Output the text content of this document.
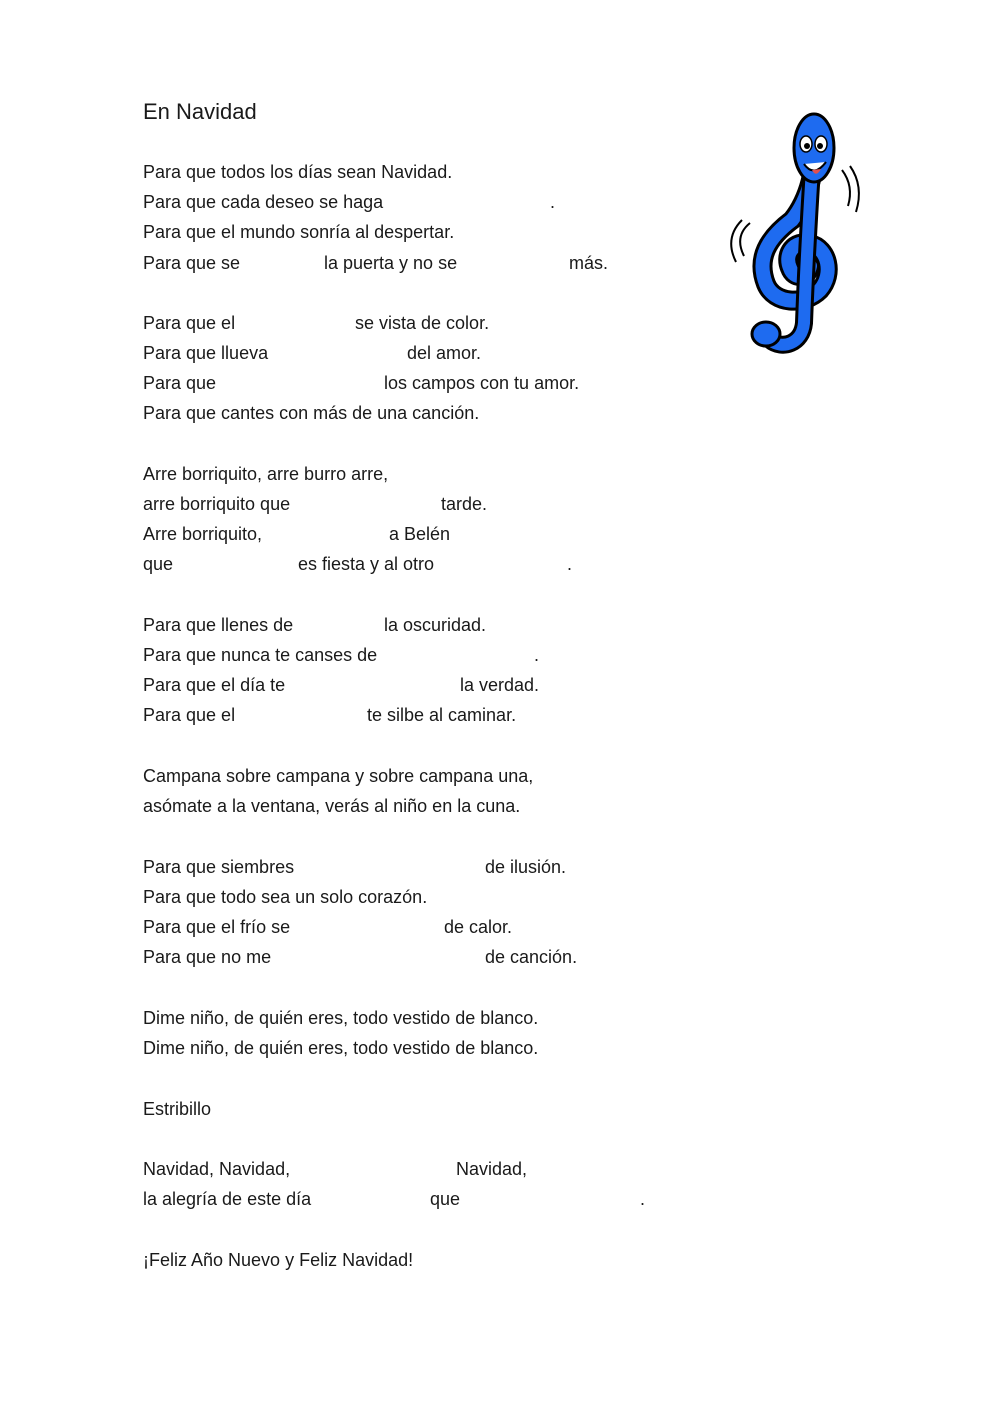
En Navidad
Para que todos los días sean Navidad.
Para que cada deseo se haga	.
Para que el mundo sonría al despertar.
Para que se	la puerta y no se	más.
Para que el	se vista de color.
Para que llueva	del amor.
Para que	los campos con tu amor.
Para que cantes con más de una canción.
Arre borriquito, arre burro arre,
arre borriquito que	tarde.
Arre borriquito,	a Belén
que	es fiesta y al otro	.
Para que llenes de	la oscuridad.
Para que nunca te canses de	.
Para que el día te	la verdad.
Para que el	te silbe al caminar.
Campana sobre campana y sobre campana una,
asómate a la ventana, verás al niño en la cuna.
Para que siembres	de ilusión.
Para que todo sea un solo corazón.
Para que el frío se	de calor.
Para que no me	de canción.
Dime niño, de quién eres, todo vestido de blanco.
Dime niño, de quién eres, todo vestido de blanco.
Estribillo
Navidad, Navidad,	Navidad,
la alegría de este día	que	.
¡Feliz Año Nuevo y Feliz Navidad!
